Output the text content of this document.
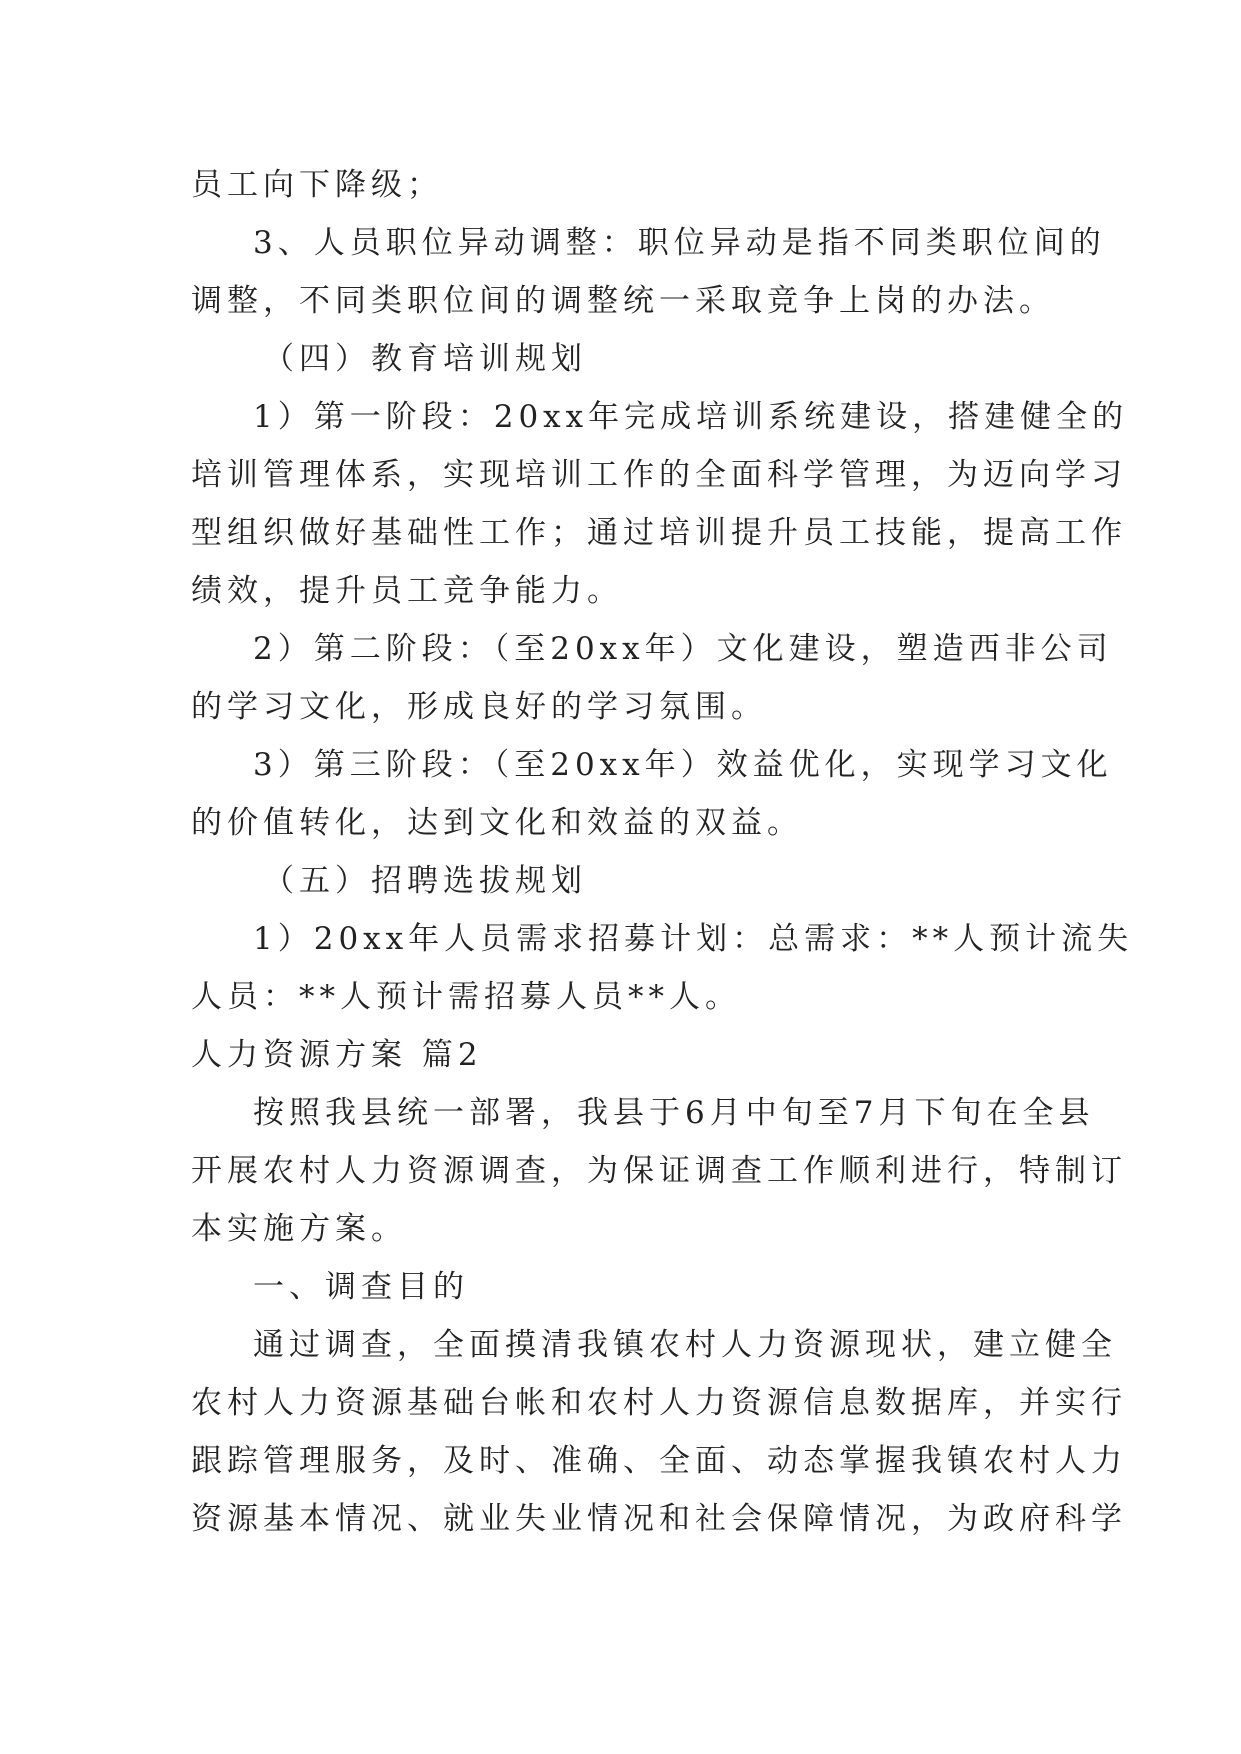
员工向下降级；

3、人员职位异动调整：职位异动是指不同类职位间的

调整，不同类职位间的调整统一采取竞争上岗的办法。

（四）教育培训规划

1）第一阶段：20xx年完成培训系统建设，搭建健全的

培训管理体系，实现培训工作的全面科学管理，为迈向学习

型组织做好基础性工作；通过培训提升员工技能，提高工作

绩效，提升员工竞争能力。

2）第二阶段：（至20xx年）文化建设，塑造西非公司

的学习文化，形成良好的学习氛围。

3）第三阶段：（至20xx年）效益优化，实现学习文化

的价值转化，达到文化和效益的双益。

（五）招聘选拔规划

1）20xx年人员需求招募计划：总需求：**人预计流失

人员：**人预计需招募人员**人。

人力资源方案 篇2

按照我县统一部署，我县于6月中旬至7月下旬在全县

开展农村人力资源调查，为保证调查工作顺利进行，特制订

本实施方案。

一、调查目的

通过调查，全面摸清我镇农村人力资源现状，建立健全

农村人力资源基础台帐和农村人力资源信息数据库，并实行

跟踪管理服务，及时、准确、全面、动态掌握我镇农村人力

资源基本情况、就业失业情况和社会保障情况，为政府科学
